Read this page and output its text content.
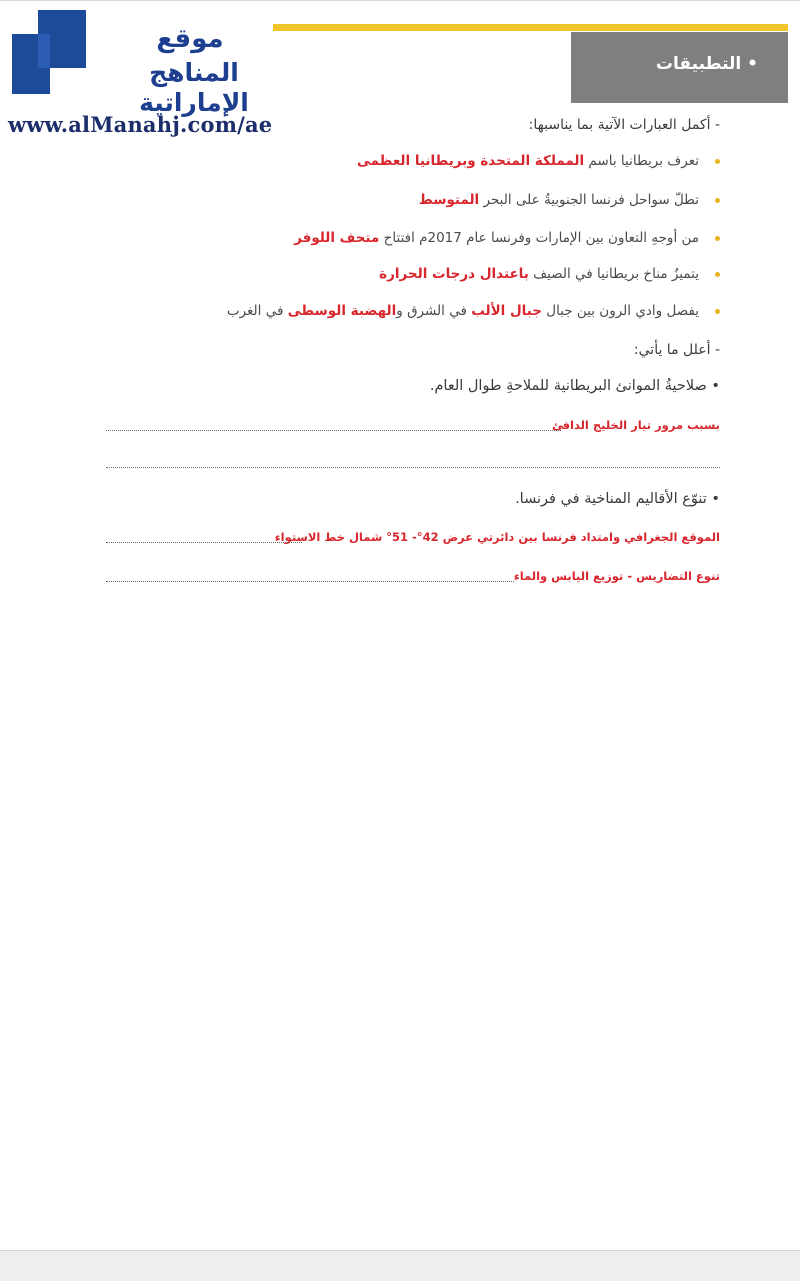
موقع
المناهج الإماراتية
www.alManahj.com/ae
• التطبيقات
- أكمل العبارات الآتية بما يناسبها:
تعرف بريطانيا باسم المملكة المتحدة وبريطانيا العظمى
تطلّ سواحل فرنسا الجنوبيةُ على البحر المتوسط
من أوجهِ التعاون بين الإمارات وفرنسا عام 2017م افتتاح متحف اللوفر
يتميزُ مناخ بريطانيا في الصيف باعتدال درجات الحرارة
يفصل وادي الرون بين جبال جبال الألب في الشرق والهضبة الوسطى في الغرب
- أعلل ما يأتي:
• صلاحيةُ الموانئ البريطانية للملاحةِ طوال العام.
بسبب مرور تيار الخليج الدافئ
• تنوّع الأقاليم المناخية في فرنسا.
الموقع الجغرافي وامتداد فرنسا بين دائرتي عرض 42°- 51° شمال خط الاستواء
تنوع التضاريس - توزيع اليابس والماء
